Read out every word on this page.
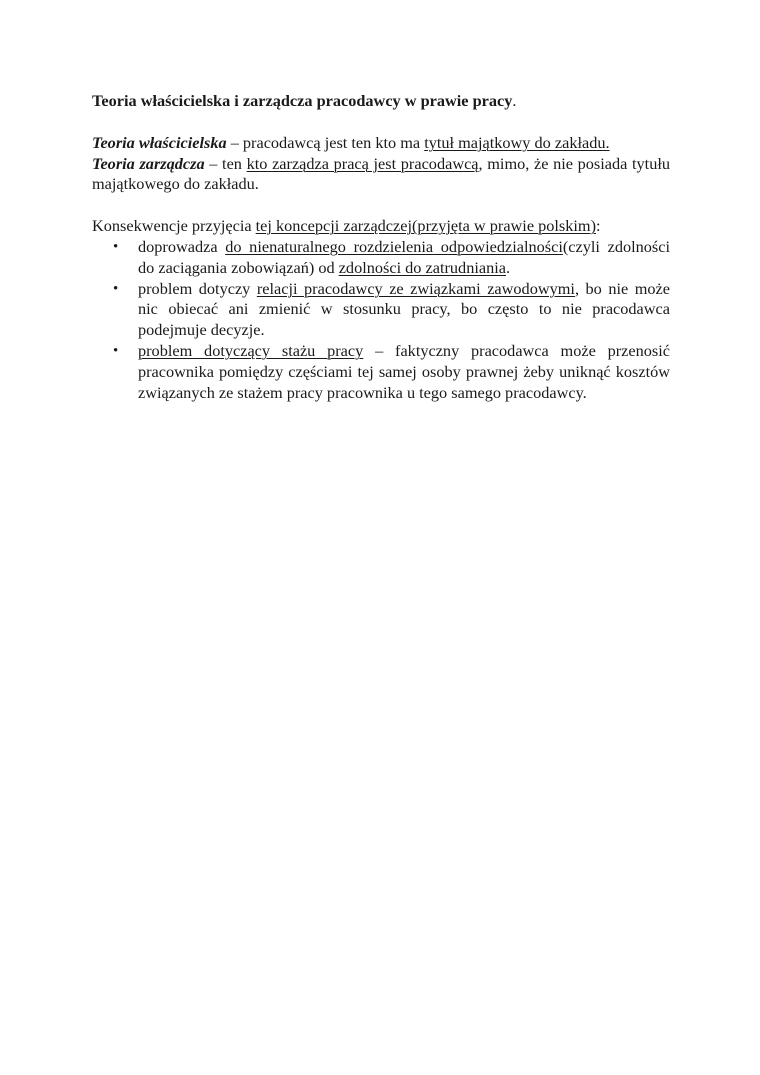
Teoria właścicielska i zarządcza pracodawcy w prawie pracy.

Teoria właścicielska – pracodawcą jest ten kto ma tytuł majątkowy do zakładu.

Teoria zarządcza – ten kto zarządza pracą jest pracodawcą, mimo, że nie posiada tytułu majątkowego do zakładu.

Konsekwencje przyjęcia tej koncepcji zarządczej(przyjęta w prawie polskim):

• doprowadza do nienaturalnego rozdzielenia odpowiedzialności(czyli zdolności do zaciągania zobowiązań) od zdolności do zatrudniania.
• problem dotyczy relacji pracodawcy ze związkami zawodowymi, bo nie może nic obiecać ani zmienić w stosunku pracy, bo często to nie pracodawca podejmuje decyzje.
• problem dotyczący stażu pracy – faktyczny pracodawca może przenosić pracownika pomiędzy częściami tej samej osoby prawnej żeby uniknąć kosztów związanych ze stażem pracy pracownika u tego samego pracodawcy.
